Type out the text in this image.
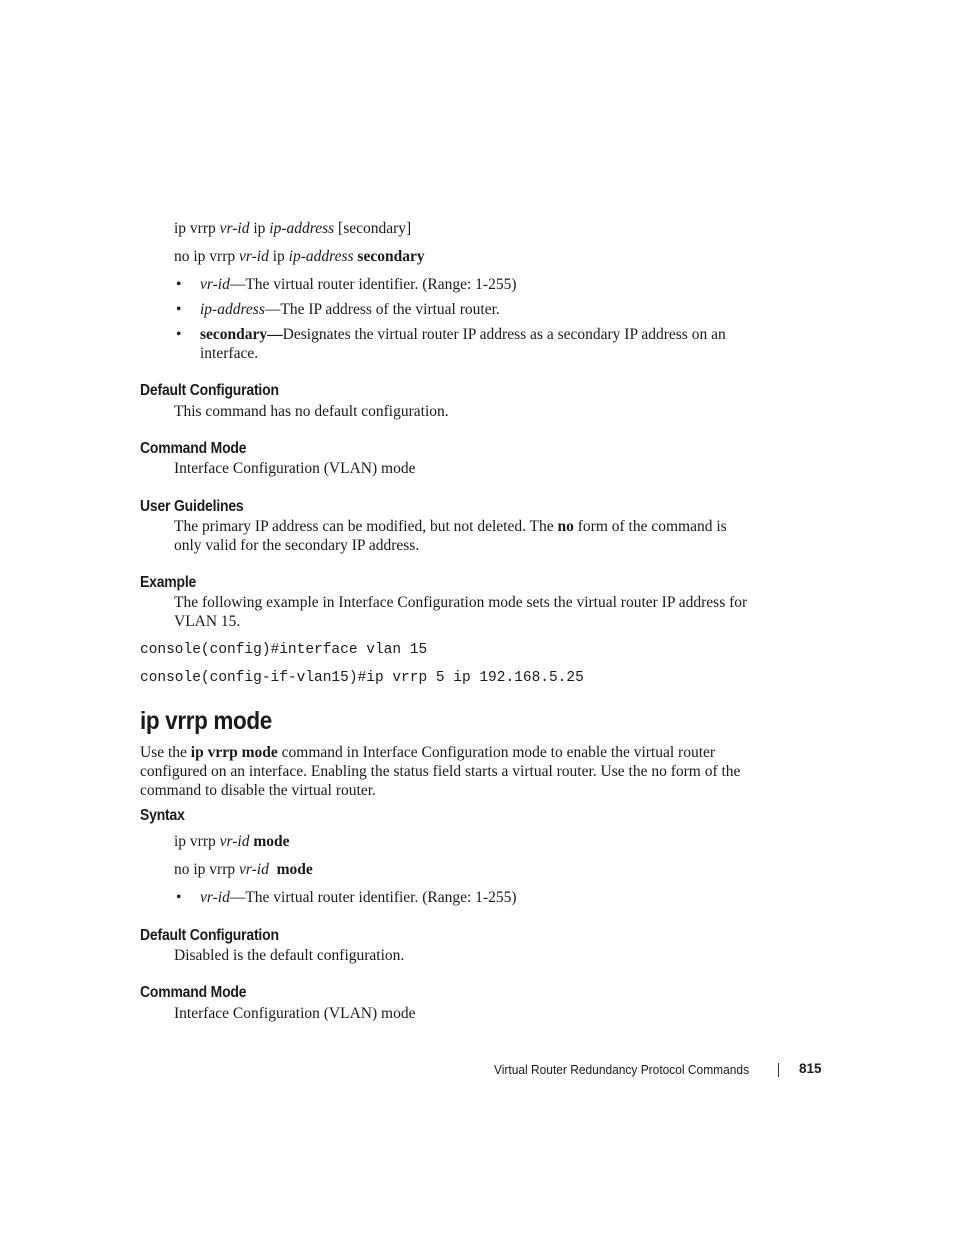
ip vrrp vr-id ip ip-address [secondary]
no ip vrrp vr-id ip ip-address secondary
• vr-id—The virtual router identifier. (Range: 1-255)
• ip-address—The IP address of the virtual router.
• secondary—Designates the virtual router IP address as a secondary IP address on an
interface.
Default Configuration
This command has no default configuration.
Command Mode
Interface Configuration (VLAN) mode
User Guidelines
The primary IP address can be modified, but not deleted. The no form of the command is
only valid for the secondary IP address.
Example
The following example in Interface Configuration mode sets the virtual router IP address for
VLAN 15.
console(config)#interface vlan 15
console(config-if-vlan15)#ip vrrp 5 ip 192.168.5.25
ip vrrp mode
Use the ip vrrp mode command in Interface Configuration mode to enable the virtual router
configured on an interface. Enabling the status field starts a virtual router. Use the no form of the
command to disable the virtual router.
Syntax
ip vrrp vr-id mode
no ip vrrp vr-id  mode
• vr-id—The virtual router identifier. (Range: 1-255)
Default Configuration
Disabled is the default configuration.
Command Mode
Interface Configuration (VLAN) mode
Virtual Router Redundancy Protocol Commands	815
